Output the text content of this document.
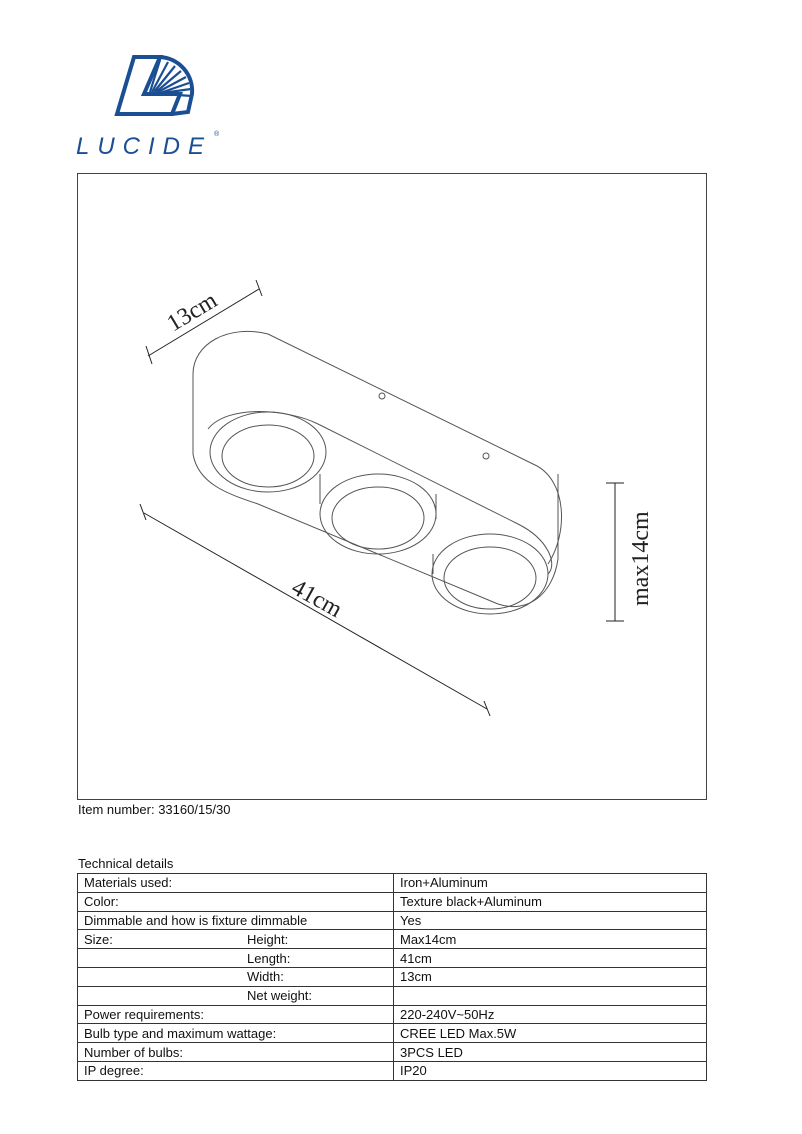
LUCIDE ®
13cm
41cm	max14cm
Item number: 33160/15/30
Technical details
Materials used:	Iron+Aluminum

Color:	Texture black+Aluminum

Dimmable and how is fixture dimmable	Yes

Size: Height:	Max14cm

Length:	41cm

Width:	13cm

Net weight:	

Power requirements:	220-240V~50Hz

Bulb type and maximum wattage:	CREE LED Max.5W

Number of bulbs:	3PCS LED

IP degree:	IP20
